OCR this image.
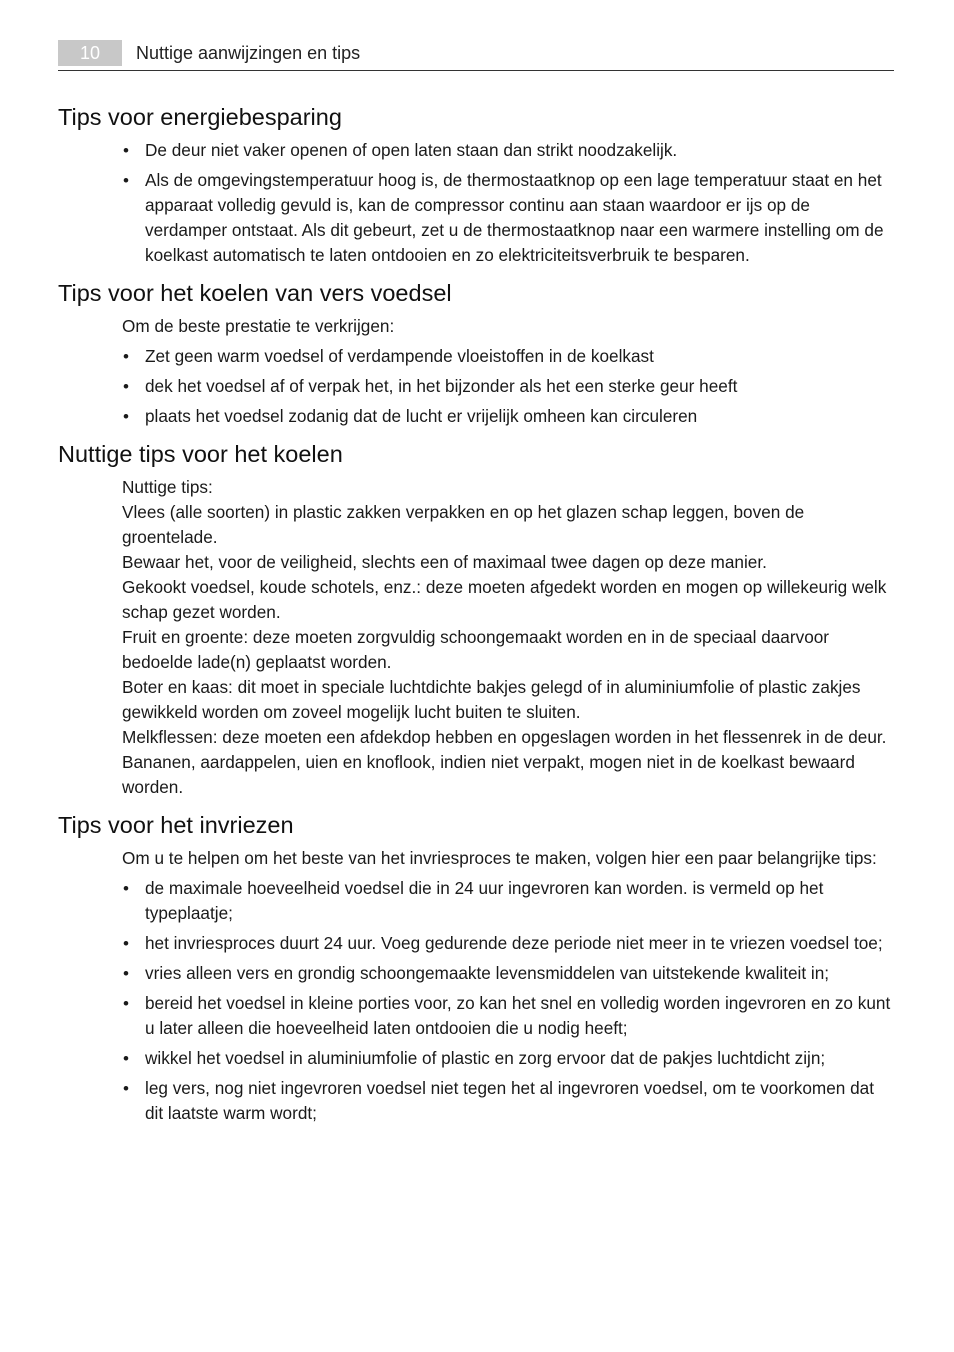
10	Nuttige aanwijzingen en tips
Tips voor energiebesparing
• De deur niet vaker openen of open laten staan dan strikt noodzakelijk.
• Als de omgevingstemperatuur hoog is, de thermostaatknop op een lage temperatuur staat en het apparaat volledig gevuld is, kan de compressor continu aan staan waardoor er ijs op de verdamper ontstaat. Als dit gebeurt, zet u de thermostaatknop naar een warmere instelling om de koelkast automatisch te laten ontdooien en zo elektriciteitsverbruik te besparen.
Tips voor het koelen van vers voedsel
Om de beste prestatie te verkrijgen:
• Zet geen warm voedsel of verdampende vloeistoffen in de koelkast
• dek het voedsel af of verpak het, in het bijzonder als het een sterke geur heeft
• plaats het voedsel zodanig dat de lucht er vrijelijk omheen kan circuleren
Nuttige tips voor het koelen

Nuttige tips:

Vlees (alle soorten) in plastic zakken verpakken en op het glazen schap leggen, boven de groentelade.

Bewaar het, voor de veiligheid, slechts een of maximaal twee dagen op deze manier.

Gekookt voedsel, koude schotels, enz.: deze moeten afgedekt worden en mogen op willekeurig welk schap gezet worden.

Fruit en groente: deze moeten zorgvuldig schoongemaakt worden en in de speciaal daarvoor bedoelde lade(n) geplaatst worden.

Boter en kaas: dit moet in speciale luchtdichte bakjes gelegd of in aluminiumfolie of plastic zakjes gewikkeld worden om zoveel mogelijk lucht buiten te sluiten.

Melkflessen: deze moeten een afdekdop hebben en opgeslagen worden in het flessenrek in de deur.

Bananen, aardappelen, uien en knoflook, indien niet verpakt, mogen niet in de koelkast bewaard worden.

Tips voor het invriezen
Om u te helpen om het beste van het invriesproces te maken, volgen hier een paar belangrijke tips:
• de maximale hoeveelheid voedsel die in 24 uur ingevroren kan worden. is vermeld op het typeplaatje;
• het invriesproces duurt 24 uur. Voeg gedurende deze periode niet meer in te vriezen voedsel toe;
• vries alleen vers en grondig schoongemaakte levensmiddelen van uitstekende kwaliteit in;
• bereid het voedsel in kleine porties voor, zo kan het snel en volledig worden ingevroren en zo kunt u later alleen die hoeveelheid laten ontdooien die u nodig heeft;
• wikkel het voedsel in aluminiumfolie of plastic en zorg ervoor dat de pakjes luchtdicht zijn;
• leg vers, nog niet ingevroren voedsel niet tegen het al ingevroren voedsel, om te voorkomen dat dit laatste warm wordt;
